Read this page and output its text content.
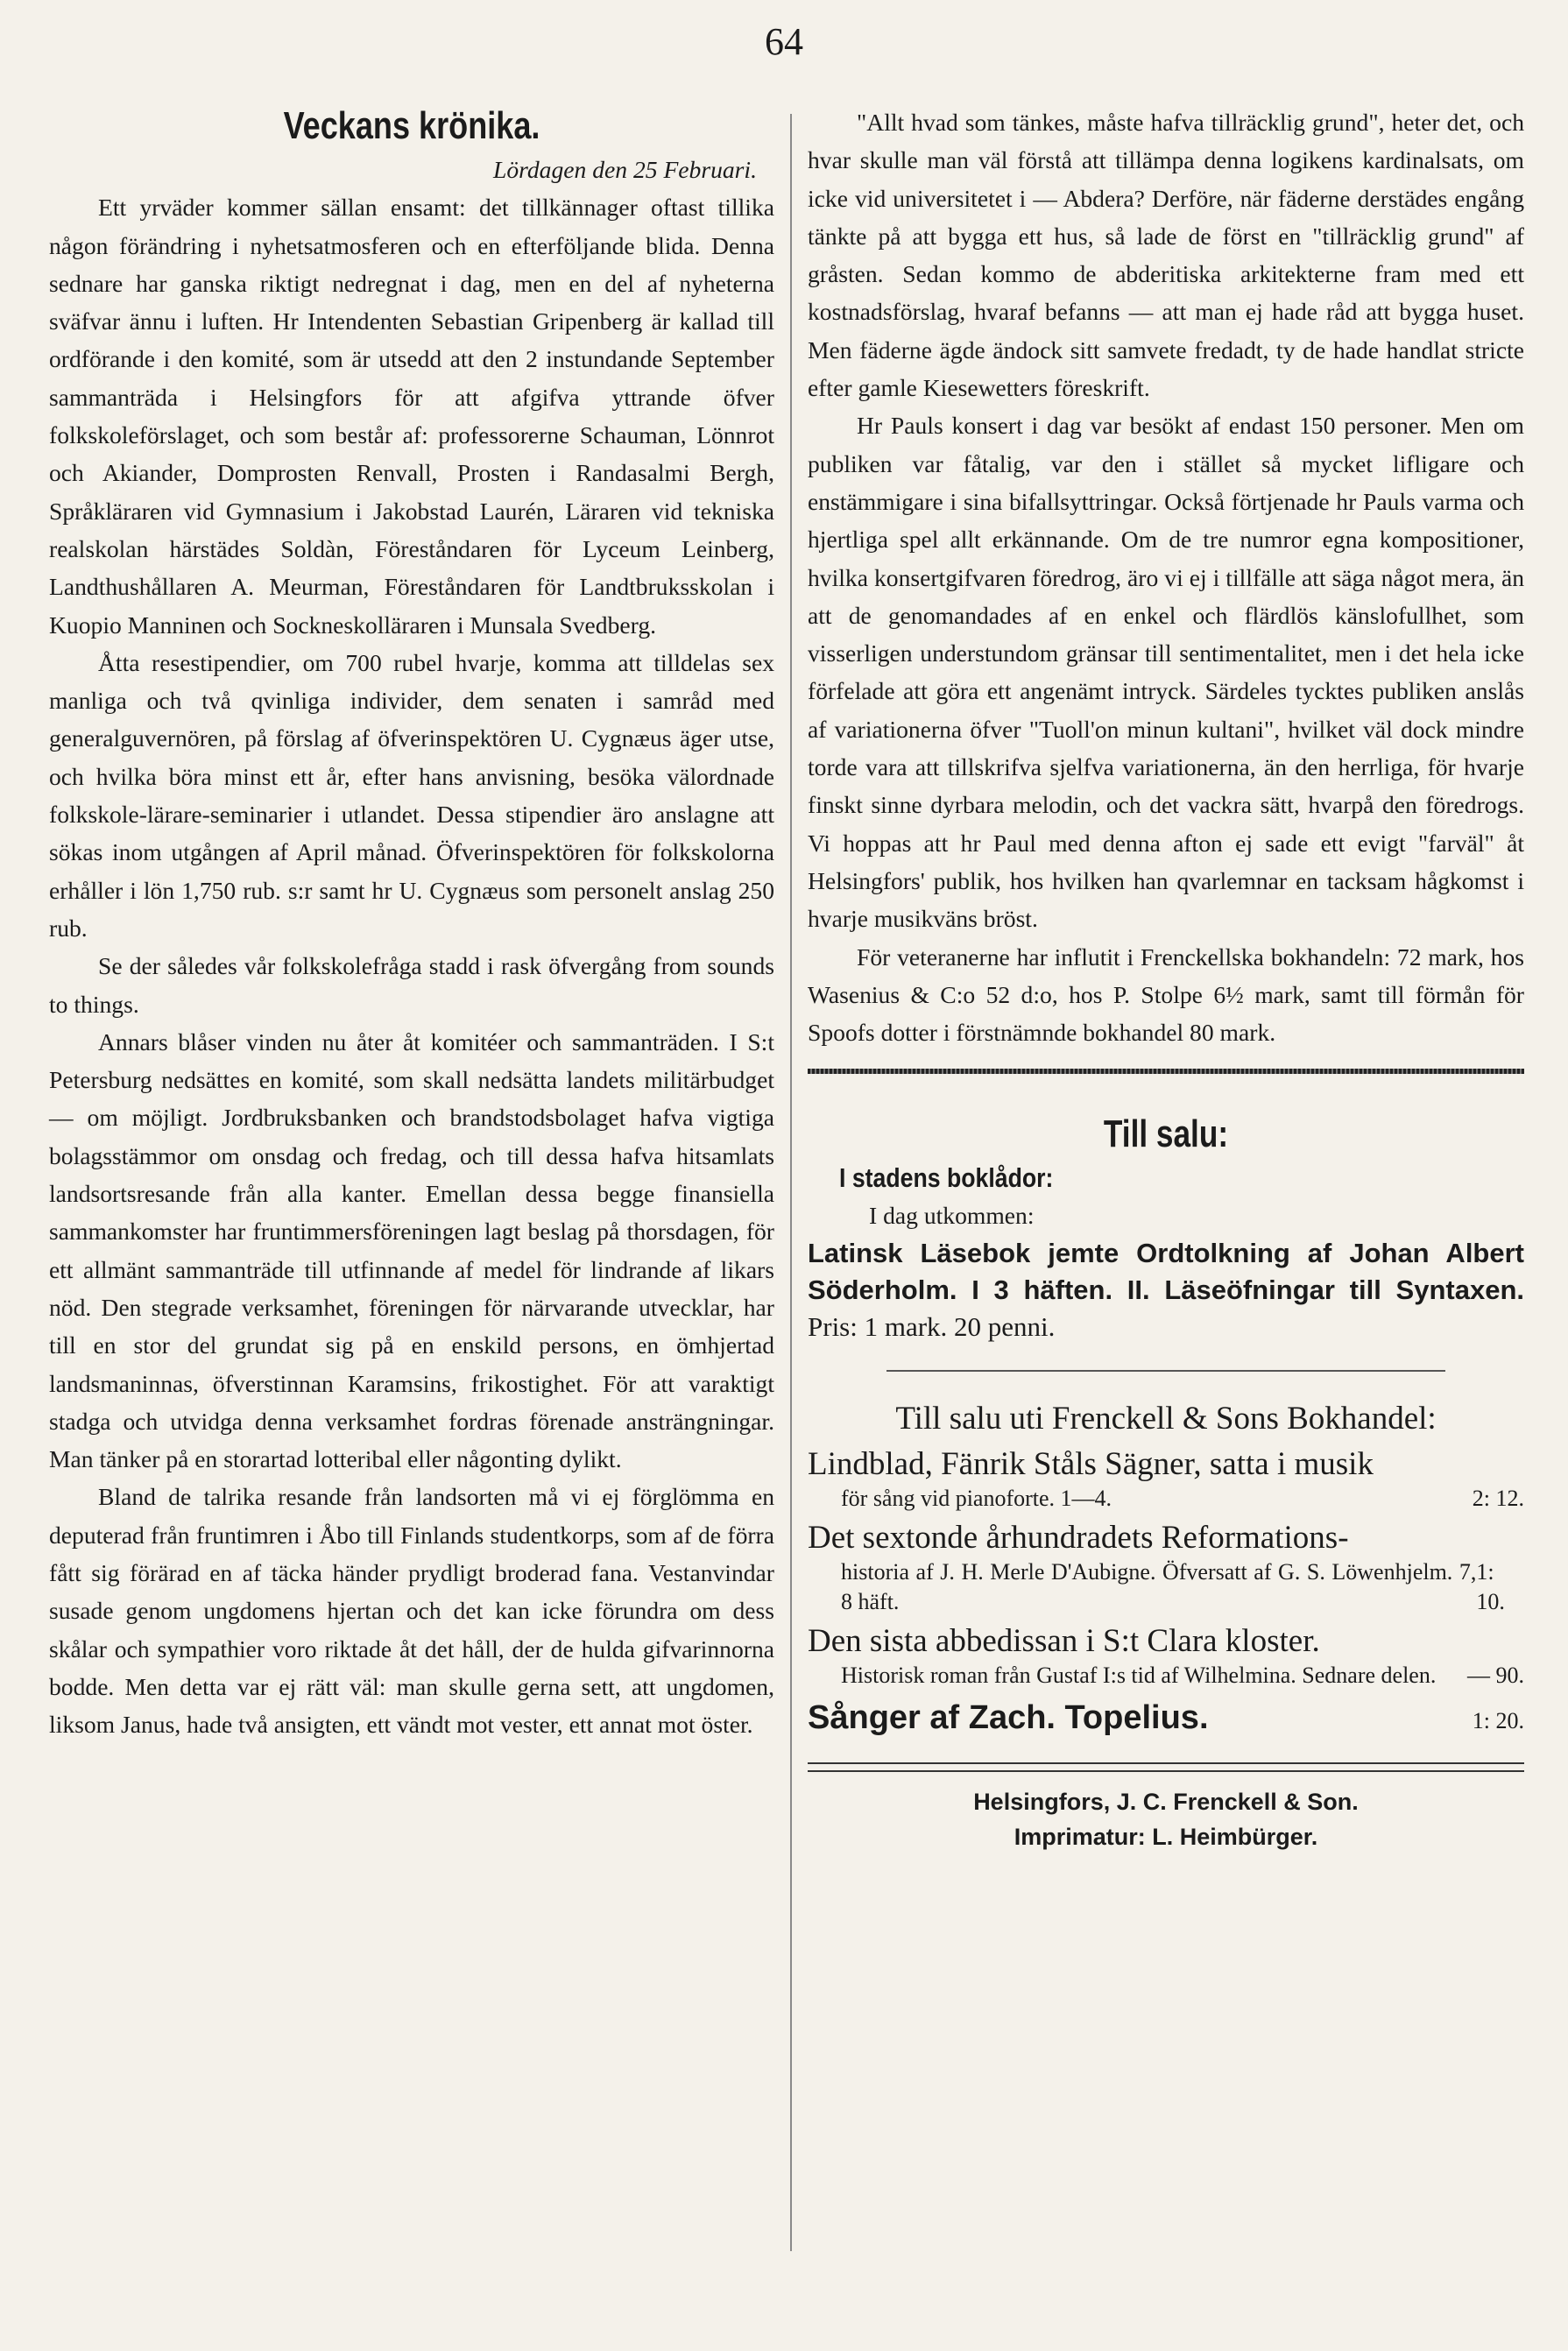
64
Veckans krönika.
Lördagen den 25 Februari.

Ett yrväder kommer sällan ensamt: det tillkännager oftast tillika någon förändring i nyhetsatmosferen och en efterföljande blida. Denna sednare har ganska riktigt nedregnat i dag, men en del af nyheterna sväfvar ännu i luften. Hr Intendenten Sebastian Gripenberg är kallad till ordförande i den komité, som är utsedd att den 2 instundande September sammanträda i Helsingfors för att afgifva yttrande öfver folkskoleförslaget, och som består af: professorerne Schauman, Lönnrot och Akiander, Domprosten Renvall, Prosten i Randasalmi Bergh, Språkläraren vid Gymnasium i Jakobstad Laurén, Läraren vid tekniska realskolan härstädes Soldàn, Föreståndaren för Lyceum Leinberg, Landthushållaren A. Meurman, Föreståndaren för Landtbruksskolan i Kuopio Manninen och Sockneskolläraren i Munsala Svedberg.

Åtta resestipendier, om 700 rubel hvarje, komma att tilldelas sex manliga och två qvinliga individer, dem senaten i samråd med generalguvernören, på förslag af öfverinspektören U. Cygnæus äger utse, och hvilka böra minst ett år, efter hans anvisning, besöka välordnade folkskole-lärare-seminarier i utlandet. Dessa stipendier äro anslagne att sökas inom utgången af April månad. Öfverinspektören för folkskolorna erhåller i lön 1,750 rub. s:r samt hr U. Cygnæus som personelt anslag 250 rub.

Se der således vår folkskolefråga stadd i rask öfvergång from sounds to things.

Annars blåser vinden nu åter åt komitéer och sammanträden. I S:t Petersburg nedsättes en komité, som skall nedsätta landets militärbudget — om möjligt. Jordbruksbanken och brandstodsbolaget hafva vigtiga bolagsstämmor om onsdag och fredag, och till dessa hafva hitsamlats landsortsresande från alla kanter. Emellan dessa begge finansiella sammankomster har fruntimmersföreningen lagt beslag på thorsdagen, för ett allmänt sammanträde till utfinnande af medel för lindrande af likars nöd. Den stegrade verksamhet, föreningen för närvarande utvecklar, har till en stor del grundat sig på en enskild persons, en ömhjertad landsmaninnas, öfverstinnan Karamsins, frikostighet. För att varaktigt stadga och utvidga denna verksamhet fordras förenade ansträngningar. Man tänker på en storartad lotteribal eller någonting dylikt.

Bland de talrika resande från landsorten må vi ej förglömma en deputerad från fruntimren i Åbo till Finlands studentkorps, som af de förra fått sig förärad en af täcka händer prydligt broderad fana. Vestanvindar susade genom ungdomens hjertan och det kan icke förundra om dess skålar och sympathier voro riktade åt det håll, der de hulda gifvarinnorna bodde. Men detta var ej rätt väl: man skulle gerna sett, att ungdomen, liksom Janus, hade två ansigten, ett vändt mot vester, ett annat mot öster.

"Allt hvad som tänkes, måste hafva tillräcklig grund", heter det, och hvar skulle man väl förstå att tillämpa denna logikens kardinalsats, om icke vid universitetet i — Abdera? Derföre, när fäderne derstädes engång tänkte på att bygga ett hus, så lade de först en "tillräcklig grund" af gråsten. Sedan kommo de abderitiska arkitekterne fram med ett kostnadsförslag, hvaraf befanns — att man ej hade råd att bygga huset. Men fäderne ägde ändock sitt samvete fredadt, ty de hade handlat stricte efter gamle Kiesewetters föreskrift.

Hr Pauls konsert i dag var besökt af endast 150 personer. Men om publiken var fåtalig, var den i stället så mycket lifligare och enstämmigare i sina bifallsyttringar. Också förtjenade hr Pauls varma och hjertliga spel allt erkännande. Om de tre numror egna kompositioner, hvilka konsertgifvaren föredrog, äro vi ej i tillfälle att säga något mera, än att de genomandades af en enkel och flärdlös känslofullhet, som visserligen understundom gränsar till sentimentalitet, men i det hela icke förfelade att göra ett angenämt intryck. Särdeles tycktes publiken anslås af variationerna öfver "Tuoll'on minun kultani", hvilket väl dock mindre torde vara att tillskrifva sjelfva variationerna, än den herrliga, för hvarje finskt sinne dyrbara melodin, och det vackra sätt, hvarpå den föredrogs. Vi hoppas att hr Paul med denna afton ej sade ett evigt "farväl" åt Helsingfors' publik, hos hvilken han qvarlemnar en tacksam hågkomst i hvarje musikväns bröst.

För veteranerne har influtit i Frenckellska bokhandeln: 72 mark, hos Wasenius & C:o 52 d:o, hos P. Stolpe 6½ mark, samt till förmån för Spoofs dotter i förstnämnde bokhandel 80 mark.

Till salu:
I stadens boklådor:
I dag utkommen:
Latinsk Läsebok jemte Ordtolkning af Johan Albert Söderholm. I 3 häften. II. Läseöfningar till Syntaxen. Pris: 1 mark. 20 penni.
Till salu uti Frenckell & Sons Bokhandel:
Lindblad, Fänrik Ståls Sägner, satta i musik
för sång vid pianoforte. 1—4.	2: 12.
Det sextonde århundradets Reformations-
historia af J. H. Merle D'Aubigne. Öfversatt af G. S. Löwenhjelm. 7, 8 häft.
1: 10.
Den sista abbedissan i S:t Clara kloster.
Historisk roman från Gustaf I:s tid af Wilhelmina. Sednare delen. — 90.
Sånger af Zach. Topelius.	1: 20.
Helsingfors, J. C. Frenckell & Son.
Imprimatur: L. Heimbürger.
